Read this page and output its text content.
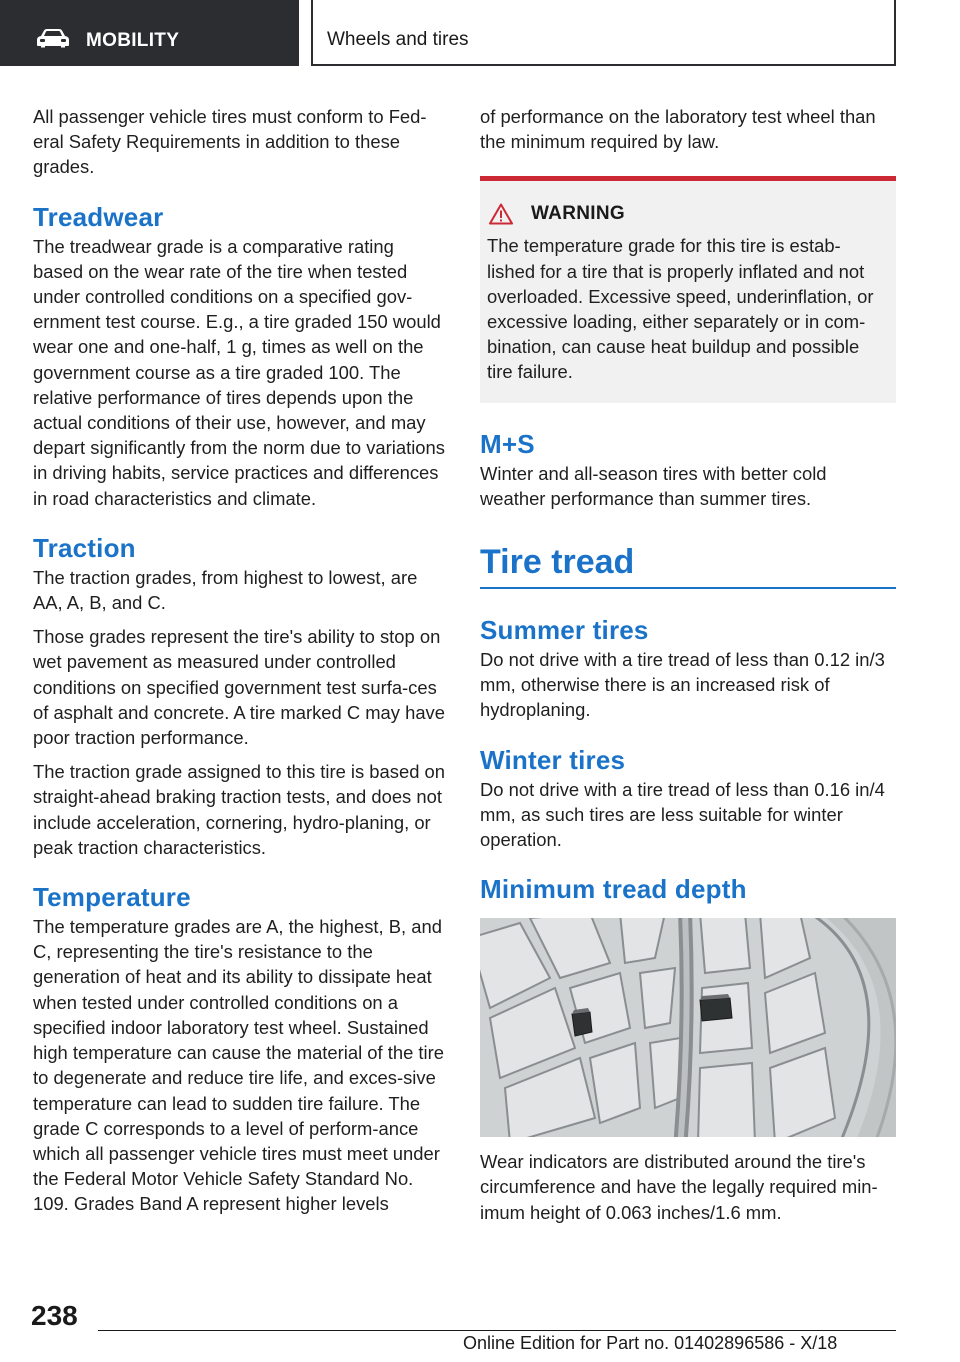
MOBILITY	Wheels and tires

All passenger vehicle tires must conform to Fed-eral Safety Requirements in addition to these grades.

Treadwear

The treadwear grade is a comparative rating based on the wear rate of the tire when tested under controlled conditions on a specified gov-ernment test course. E.g., a tire graded 150 would wear one and one-half, 1 g, times as well on the government course as a tire graded 100. The relative performance of tires depends upon the actual conditions of their use, however, and may depart significantly from the norm due to variations in driving habits, service practices and differences in road characteristics and climate.

Traction

The traction grades, from highest to lowest, are AA, A, B, and C.

Those grades represent the tire's ability to stop on wet pavement as measured under controlled conditions on specified government test surfa-ces of asphalt and concrete. A tire marked C may have poor traction performance.

The traction grade assigned to this tire is based on straight-ahead braking traction tests, and does not include acceleration, cornering, hydro-planing, or peak traction characteristics.

Temperature

The temperature grades are A, the highest, B, and C, representing the tire's resistance to the generation of heat and its ability to dissipate heat when tested under controlled conditions on a specified indoor laboratory test wheel. Sustained high temperature can cause the material of the tire to degenerate and reduce tire life, and exces-sive temperature can lead to sudden tire failure. The grade C corresponds to a level of perform-ance which all passenger vehicle tires must meet under the Federal Motor Vehicle Safety Standard No. 109. Grades Band A represent higher levels

of performance on the laboratory test wheel than the minimum required by law.

WARNING

The temperature grade for this tire is estab-lished for a tire that is properly inflated and not overloaded. Excessive speed, underinflation, or excessive loading, either separately or in com-bination, can cause heat buildup and possible tire failure.

M+S

Winter and all-season tires with better cold weather performance than summer tires.

Tire tread
Summer tires

Do not drive with a tire tread of less than 0.12 in/3 mm, otherwise there is an increased risk of hydroplaning.

Winter tires

Do not drive with a tire tread of less than 0.16 in/4 mm, as such tires are less suitable for winter operation.

Minimum tread depth

Wear indicators are distributed around the tire's circumference and have the legally required min-imum height of 0.063 inches/1.6 mm.

238
Online Edition for Part no. 01402896586 - X/18
